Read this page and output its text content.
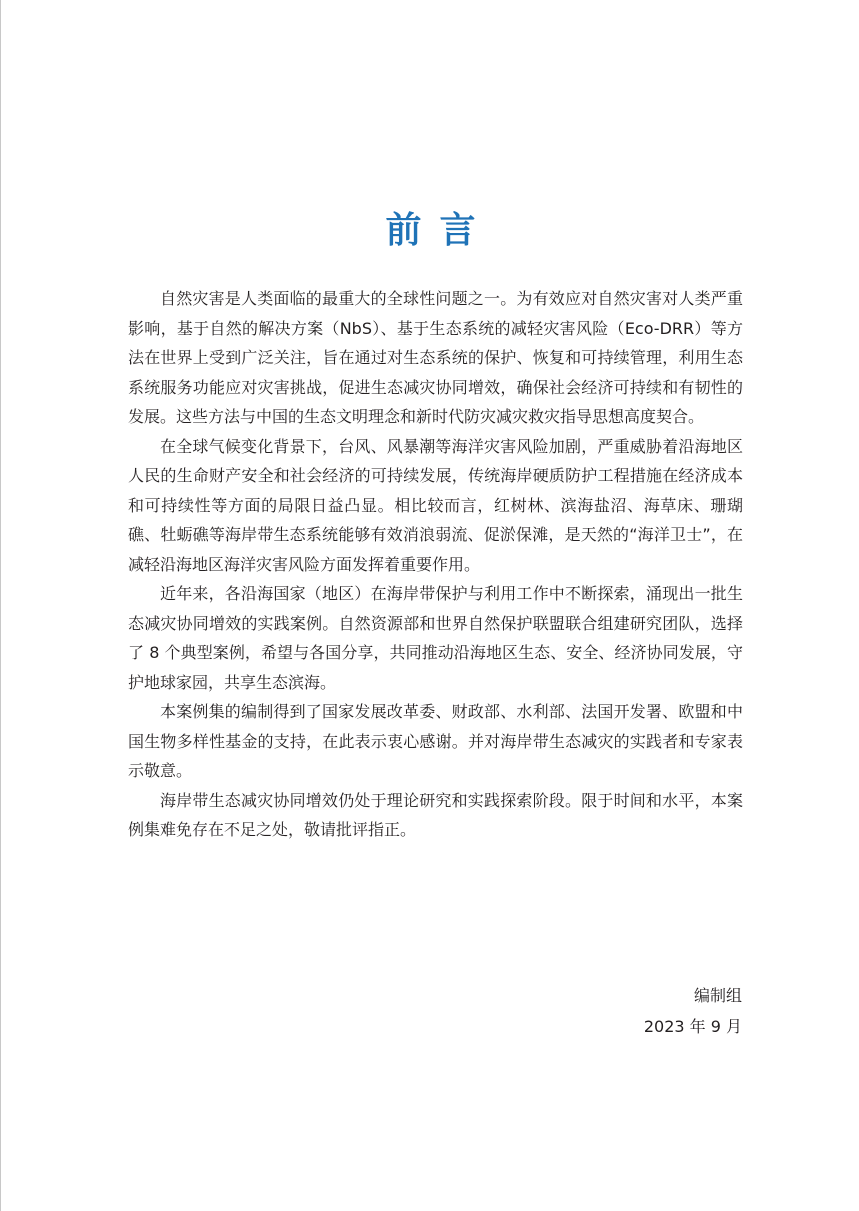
前言

自然灾害是人类面临的最重大的全球性问题之一。为有效应对自然灾害对人类严重影响，基于自然的解决方案（NbS）、基于生态系统的减轻灾害风险（Eco-DRR）等方法在世界上受到广泛关注，旨在通过对生态系统的保护、恢复和可持续管理，利用生态系统服务功能应对灾害挑战，促进生态减灾协同增效，确保社会经济可持续和有韧性的发展。这些方法与中国的生态文明理念和新时代防灾减灾救灾指导思想高度契合。

在全球气候变化背景下，台风、风暴潮等海洋灾害风险加剧，严重威胁着沿海地区人民的生命财产安全和社会经济的可持续发展，传统海岸硬质防护工程措施在经济成本和可持续性等方面的局限日益凸显。相比较而言，红树林、滨海盐沼、海草床、珊瑚礁、牡蛎礁等海岸带生态系统能够有效消浪弱流、促淤保滩，是天然的“海洋卫士”，在减轻沿海地区海洋灾害风险方面发挥着重要作用。

近年来，各沿海国家（地区）在海岸带保护与利用工作中不断探索，涌现出一批生态减灾协同增效的实践案例。自然资源部和世界自然保护联盟联合组建研究团队，选择了 8 个典型案例，希望与各国分享，共同推动沿海地区生态、安全、经济协同发展，守护地球家园，共享生态滨海。

本案例集的编制得到了国家发展改革委、财政部、水利部、法国开发署、欧盟和中国生物多样性基金的支持，在此表示衷心感谢。并对海岸带生态减灾的实践者和专家表示敬意。

海岸带生态减灾协同增效仍处于理论研究和实践探索阶段。限于时间和水平，本案例集难免存在不足之处，敬请批评指正。

编制组
2023 年 9 月
